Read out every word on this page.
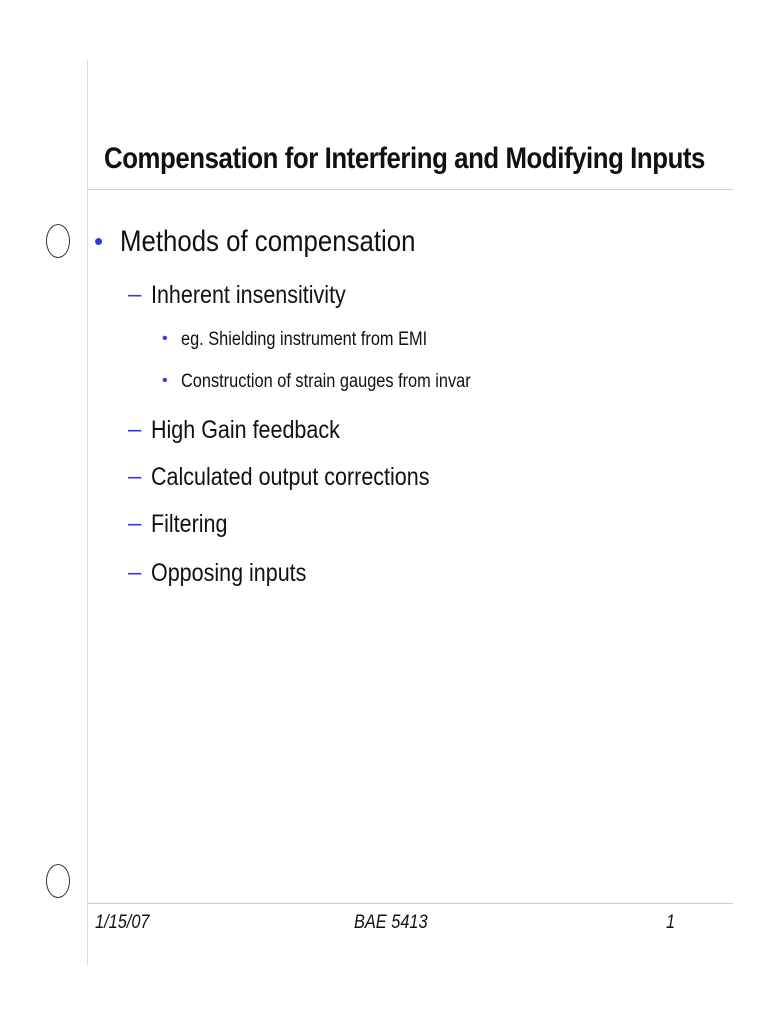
Compensation for Interfering and Modifying Inputs
• Methods of compensation
– Inherent insensitivity
• eg. Shielding instrument from EMI
• Construction of strain gauges from invar
– High Gain feedback
– Calculated output corrections
– Filtering
– Opposing inputs
1/15/07	BAE 5413	1
